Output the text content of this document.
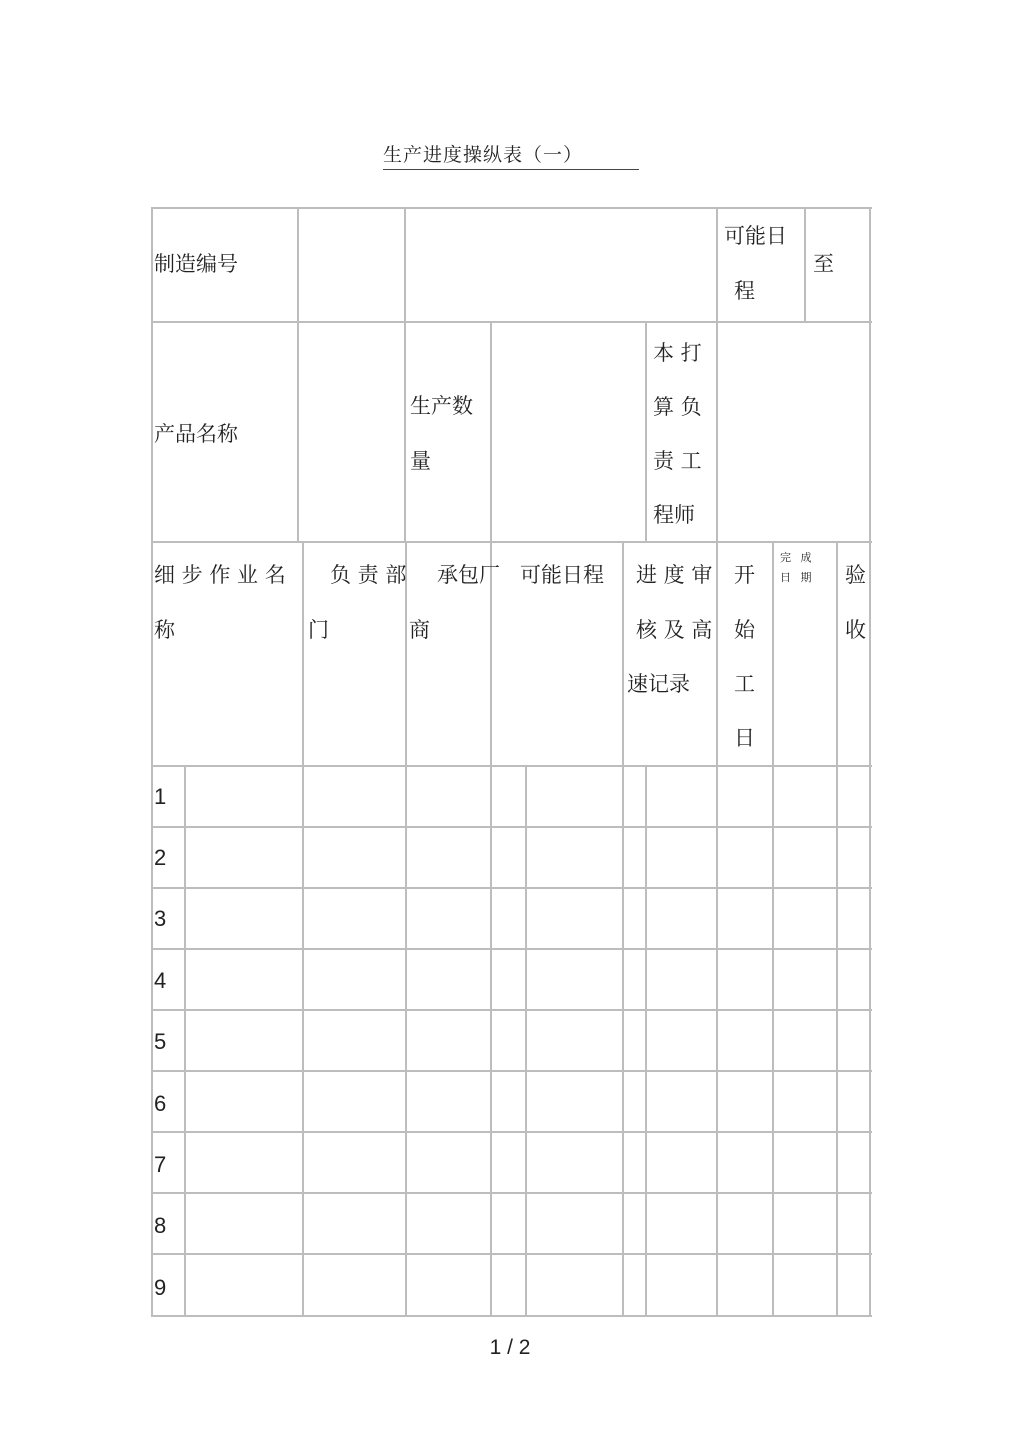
生产进度操纵表（一）
制造编号
可能日
程
至
产品名称
生产数
量
本 打
算 负
责 工
程师
细 步 作 业 名
称
负 责 部
门
承包厂
商
可能日程 进 度 审
核 及 高
速记录
开
始
工
日
完 成 日 期	验
收
1
2
3
4
5
6
7
8
9
1 / 2
